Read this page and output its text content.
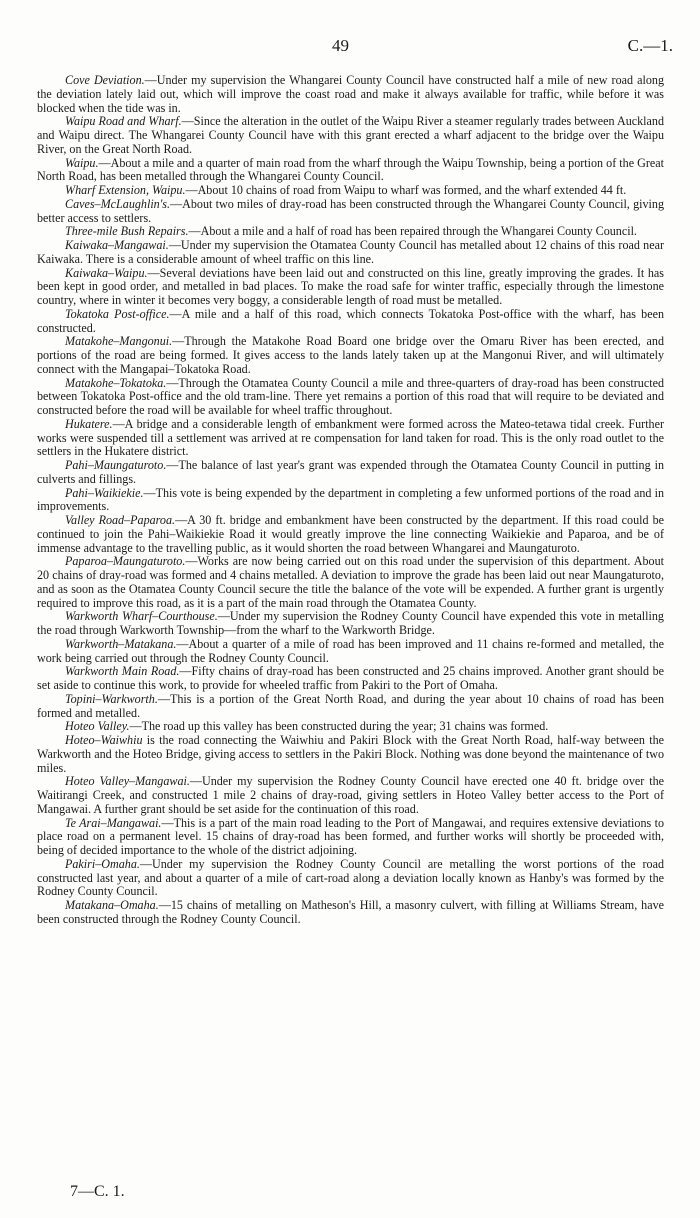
49	C.—1.

Cove Deviation.—Under my supervision the Whangarei County Council have constructed half a mile of new road along the deviation lately laid out, which will improve the coast road and make it always available for traffic, while before it was blocked when the tide was in.

Waipu Road and Wharf.—Since the alteration in the outlet of the Waipu River a steamer regularly trades between Auckland and Waipu direct. The Whangarei County Council have with this grant erected a wharf adjacent to the bridge over the Waipu River, on the Great North Road.

Waipu.—About a mile and a quarter of main road from the wharf through the Waipu Township, being a portion of the Great North Road, has been metalled through the Whangarei County Council.

Wharf Extension, Waipu.—About 10 chains of road from Waipu to wharf was formed, and the wharf extended 44 ft.

Caves–McLaughlin's.—About two miles of dray-road has been constructed through the Whangarei County Council, giving better access to settlers.

Three-mile Bush Repairs.—About a mile and a half of road has been repaired through the Whangarei County Council.

Kaiwaka–Mangawai.—Under my supervision the Otamatea County Council has metalled about 12 chains of this road near Kaiwaka. There is a considerable amount of wheel traffic on this line.

Kaiwaka–Waipu.—Several deviations have been laid out and constructed on this line, greatly improving the grades. It has been kept in good order, and metalled in bad places. To make the road safe for winter traffic, especially through the limestone country, where in winter it becomes very boggy, a considerable length of road must be metalled.

Tokatoka Post-office.—A mile and a half of this road, which connects Tokatoka Post-office with the wharf, has been constructed.

Matakohe–Mangonui.—Through the Matakohe Road Board one bridge over the Omaru River has been erected, and portions of the road are being formed. It gives access to the lands lately taken up at the Mangonui River, and will ultimately connect with the Mangapai–Tokatoka Road.

Matakohe–Tokatoka.—Through the Otamatea County Council a mile and three-quarters of dray-road has been constructed between Tokatoka Post-office and the old tram-line. There yet remains a portion of this road that will require to be deviated and constructed before the road will be available for wheel traffic throughout.

Hukatere.—A bridge and a considerable length of embankment were formed across the Mateo-tetawa tidal creek. Further works were suspended till a settlement was arrived at re compensation for land taken for road. This is the only road outlet to the settlers in the Hukatere district.

Pahi–Maungaturoto.—The balance of last year's grant was expended through the Otamatea County Council in putting in culverts and fillings.

Pahi–Waikiekie.—This vote is being expended by the department in completing a few unformed portions of the road and in improvements.

Valley Road–Paparoa.—A 30 ft. bridge and embankment have been constructed by the department. If this road could be continued to join the Pahi–Waikiekie Road it would greatly improve the line connecting Waikiekie and Paparoa, and be of immense advantage to the travelling public, as it would shorten the road between Whangarei and Maungaturoto.

Paparoa–Maungaturoto.—Works are now being carried out on this road under the supervision of this department. About 20 chains of dray-road was formed and 4 chains metalled. A deviation to improve the grade has been laid out near Maungaturoto, and as soon as the Otamatea County Council secure the title the balance of the vote will be expended. A further grant is urgently required to improve this road, as it is a part of the main road through the Otamatea County.

Warkworth Wharf–Courthouse.—Under my supervision the Rodney County Council have expended this vote in metalling the road through Warkworth Township—from the wharf to the Warkworth Bridge.

Warkworth–Matakana.—About a quarter of a mile of road has been improved and 11 chains re-formed and metalled, the work being carried out through the Rodney County Council.

Warkworth Main Road.—Fifty chains of dray-road has been constructed and 25 chains improved. Another grant should be set aside to continue this work, to provide for wheeled traffic from Pakiri to the Port of Omaha.

Topini–Warkworth.—This is a portion of the Great North Road, and during the year about 10 chains of road has been formed and metalled.

Hoteo Valley.—The road up this valley has been constructed during the year; 31 chains was formed.

Hoteo–Waiwhiu is the road connecting the Waiwhiu and Pakiri Block with the Great North Road, half-way between the Warkworth and the Hoteo Bridge, giving access to settlers in the Pakiri Block. Nothing was done beyond the maintenance of two miles.

Hoteo Valley–Mangawai.—Under my supervision the Rodney County Council have erected one 40 ft. bridge over the Waitirangi Creek, and constructed 1 mile 2 chains of dray-road, giving settlers in Hoteo Valley better access to the Port of Mangawai. A further grant should be set aside for the continuation of this road.

Te Arai–Mangawai.—This is a part of the main road leading to the Port of Mangawai, and requires extensive deviations to place road on a permanent level. 15 chains of dray-road has been formed, and further works will shortly be proceeded with, being of decided importance to the whole of the district adjoining.

Pakiri–Omaha.—Under my supervision the Rodney County Council are metalling the worst portions of the road constructed last year, and about a quarter of a mile of cart-road along a deviation locally known as Hanby's was formed by the Rodney County Council.

Matakana–Omaha.—15 chains of metalling on Matheson's Hill, a masonry culvert, with filling at Williams Stream, have been constructed through the Rodney County Council.

7—C. 1.
